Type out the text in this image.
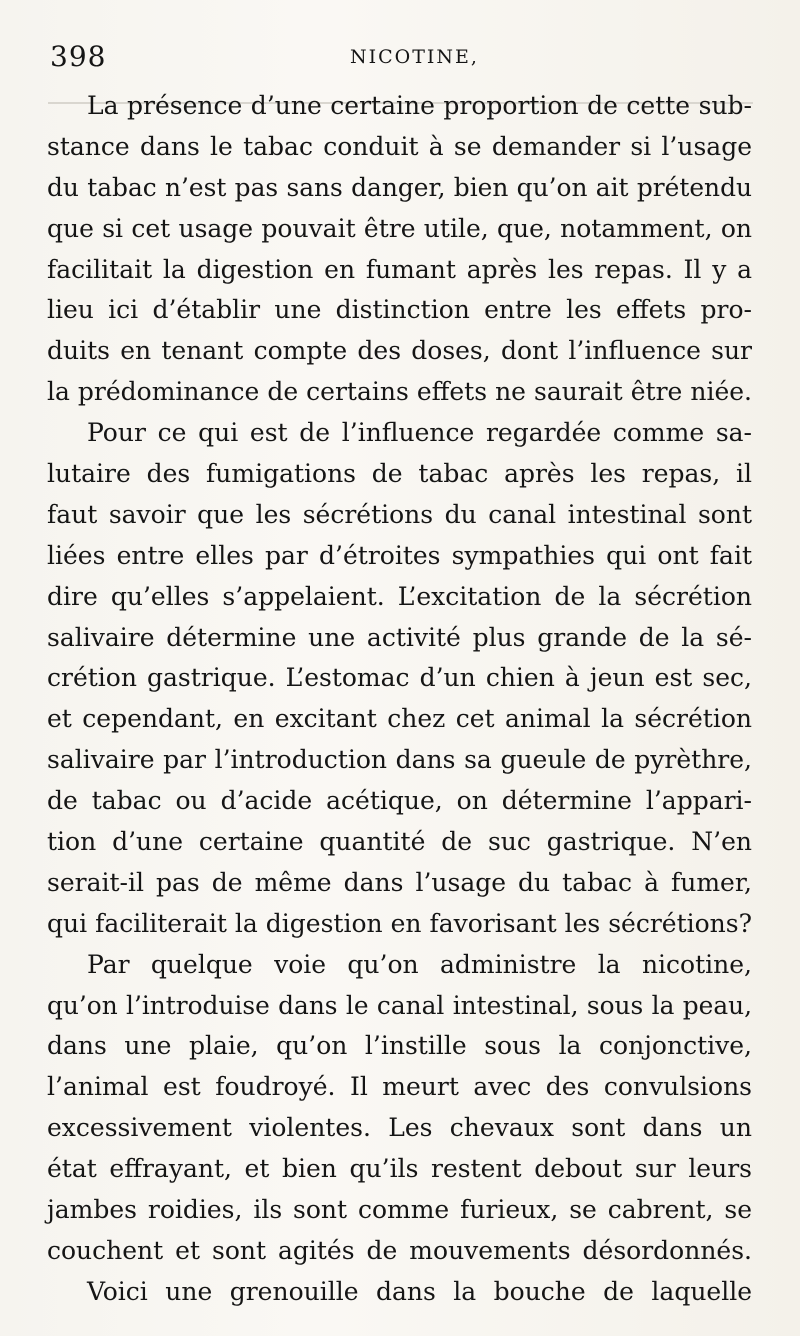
398	NICOTINE,

La présence d’une certaine proportion de cette sub-
stance dans le tabac conduit à se demander si l’usage
du tabac n’est pas sans danger, bien qu’on ait prétendu
que si cet usage pouvait être utile, que, notamment, on
facilitait la digestion en fumant après les repas. Il y a
lieu ici d’établir une distinction entre les effets pro-
duits en tenant compte des doses, dont l’influence sur
la prédominance de certains effets ne saurait être niée.

Pour ce qui est de l’influence regardée comme sa-
lutaire des fumigations de tabac après les repas, il
faut savoir que les sécrétions du canal intestinal sont
liées entre elles par d’étroites sympathies qui ont fait
dire qu’elles s’appelaient. L’excitation de la sécrétion
salivaire détermine une activité plus grande de la sé-
crétion gastrique. L’estomac d’un chien à jeun est sec,
et cependant, en excitant chez cet animal la sécrétion
salivaire par l’introduction dans sa gueule de pyrèthre,
de tabac ou d’acide acétique, on détermine l’appari-
tion d’une certaine quantité de suc gastrique. N’en
serait-il pas de même dans l’usage du tabac à fumer,
qui faciliterait la digestion en favorisant les sécrétions?

Par quelque voie qu’on administre la nicotine,
qu’on l’introduise dans le canal intestinal, sous la peau,
dans une plaie, qu’on l’instille sous la conjonctive,
l’animal est foudroyé. Il meurt avec des convulsions
excessivement violentes. Les chevaux sont dans un
état effrayant, et bien qu’ils restent debout sur leurs
jambes roidies, ils sont comme furieux, se cabrent, se
couchent et sont agités de mouvements désordonnés.

Voici une grenouille dans la bouche de laquelle
